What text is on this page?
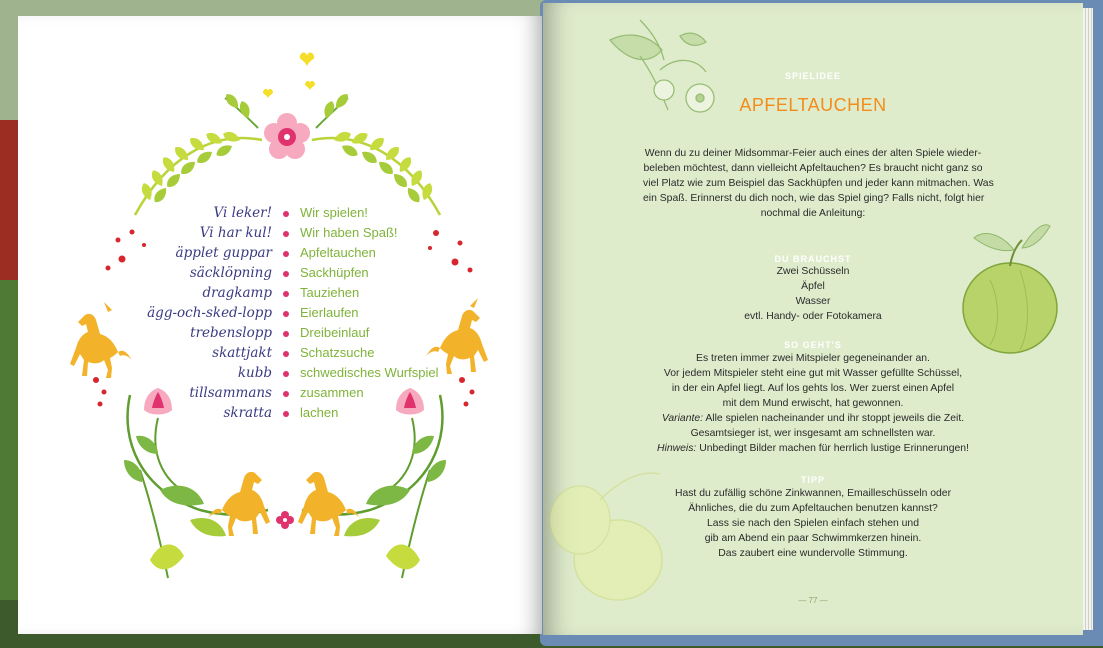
Vi leker! Wir spielen!
Vi har kul! Wir haben Spaß!
äpplet guppar Apfeltauchen
säcklöpning Sackhüpfen
dragkamp Tauziehen
ägg-och-sked-lopp Eierlaufen
trebenslopp Dreibeinlauf
skattjakt Schatzsuche
kubb schwedisches Wurfspiel
tillsammans zusammen
skratta lachen
SPIELIDEE
APFELTAUCHEN
Wenn du zu deiner Midsommar-Feier auch eines der alten Spiele wieder-
beleben möchtest, dann vielleicht Apfeltauchen? Es braucht nicht ganz so
viel Platz wie zum Beispiel das Sackhüpfen und jeder kann mitmachen. Was
ein Spaß. Erinnerst du dich noch, wie das Spiel ging? Falls nicht, folgt hier
nochmal die Anleitung:
DU BRAUCHST
Zwei Schüsseln
Äpfel
Wasser
evtl. Handy- oder Fotokamera
SO GEHT'S
Es treten immer zwei Mitspieler gegeneinander an.
Vor jedem Mitspieler steht eine gut mit Wasser gefüllte Schüssel,
in der ein Apfel liegt. Auf los gehts los. Wer zuerst einen Apfel
mit dem Mund erwischt, hat gewonnen.
Variante: Alle spielen nacheinander und ihr stoppt jeweils die Zeit.
Gesamtsieger ist, wer insgesamt am schnellsten war.
Hinweis: Unbedingt Bilder machen für herrlich lustige Erinnerungen!
TIPP
Hast du zufällig schöne Zinkwannen, Emailleschüsseln oder
Ähnliches, die du zum Apfeltauchen benutzen kannst?
Lass sie nach den Spielen einfach stehen und
gib am Abend ein paar Schwimmkerzen hinein.
Das zaubert eine wundervolle Stimmung.
— 77 —
